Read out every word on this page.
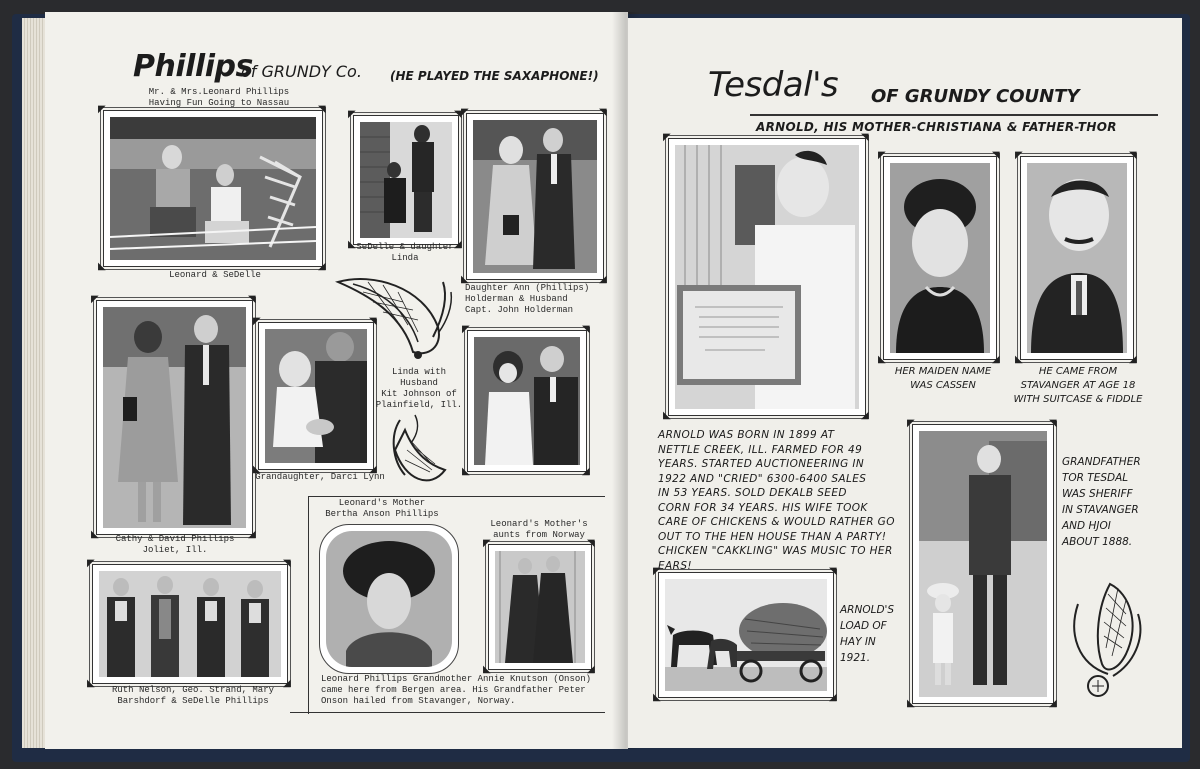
Phillips
of GRUNDY Co. (HE PLAYED THE SAXAPHONE!)
Mr. & Mrs.Leonard Phillips
Having Fun Going to Nassau
◤	◥
◣	◢
Leonard & SeDelle
◤	◥
◣	◢
SeDelle & daughter
Linda
◤	◥
◣	◢
Daughter Ann (Phillips)
Holderman & Husband
Capt. John Holderman
◤	◥
◣	◢
Cathy & David Phillips
Joliet, Ill.
◤	◥
◣	◢
Grandaughter, Darci Lynn
Linda with Husband
Kit Johnson of
Plainfield, Ill.
◤	◥
◣	◢
Leonard's Mother
Bertha Anson Phillips
Leonard's Mother's
aunts from Norway
◤	◥
◣	◢
Leonard Phillips Grandmother Annie Knutson (Onson)
came here from Bergen area. His Grandfather Peter
Onson hailed from Stavanger, Norway.
◤	◥
◣	◢
Ruth Nelson, Geo. Strand, Mary
Barshdorf & SeDelle Phillips
Tesdal's OF GRUNDY COUNTY
ARNOLD, HIS MOTHER-CHRISTIANA & FATHER-THOR
◤	◥
◣	◢
◤	◥
◣	◢
HER MAIDEN NAME
WAS CASSEN
◤	◥
◣	◢
HE CAME FROM
STAVANGER AT AGE 18
WITH SUITCASE & FIDDLE
ARNOLD WAS BORN IN 1899 AT
NETTLE CREEK, ILL. FARMED FOR 49
YEARS. STARTED AUCTIONEERING IN
1922 AND "CRIED" 6300-6400 SALES
IN 53 YEARS. SOLD DEKALB SEED
CORN FOR 34 YEARS. HIS WIFE TOOK
CARE OF CHICKENS & WOULD RATHER GO
OUT TO THE HEN HOUSE THAN A PARTY!
CHICKEN "CAKKLING" WAS MUSIC TO HER
EARS!
◤	◥
◣	◢
GRANDFATHER
TOR TESDAL
WAS SHERIFF
IN STAVANGER
AND HJOI
ABOUT 1888.
◤	◥
◣	◢
ARNOLD'S
LOAD OF
HAY IN
1921.
